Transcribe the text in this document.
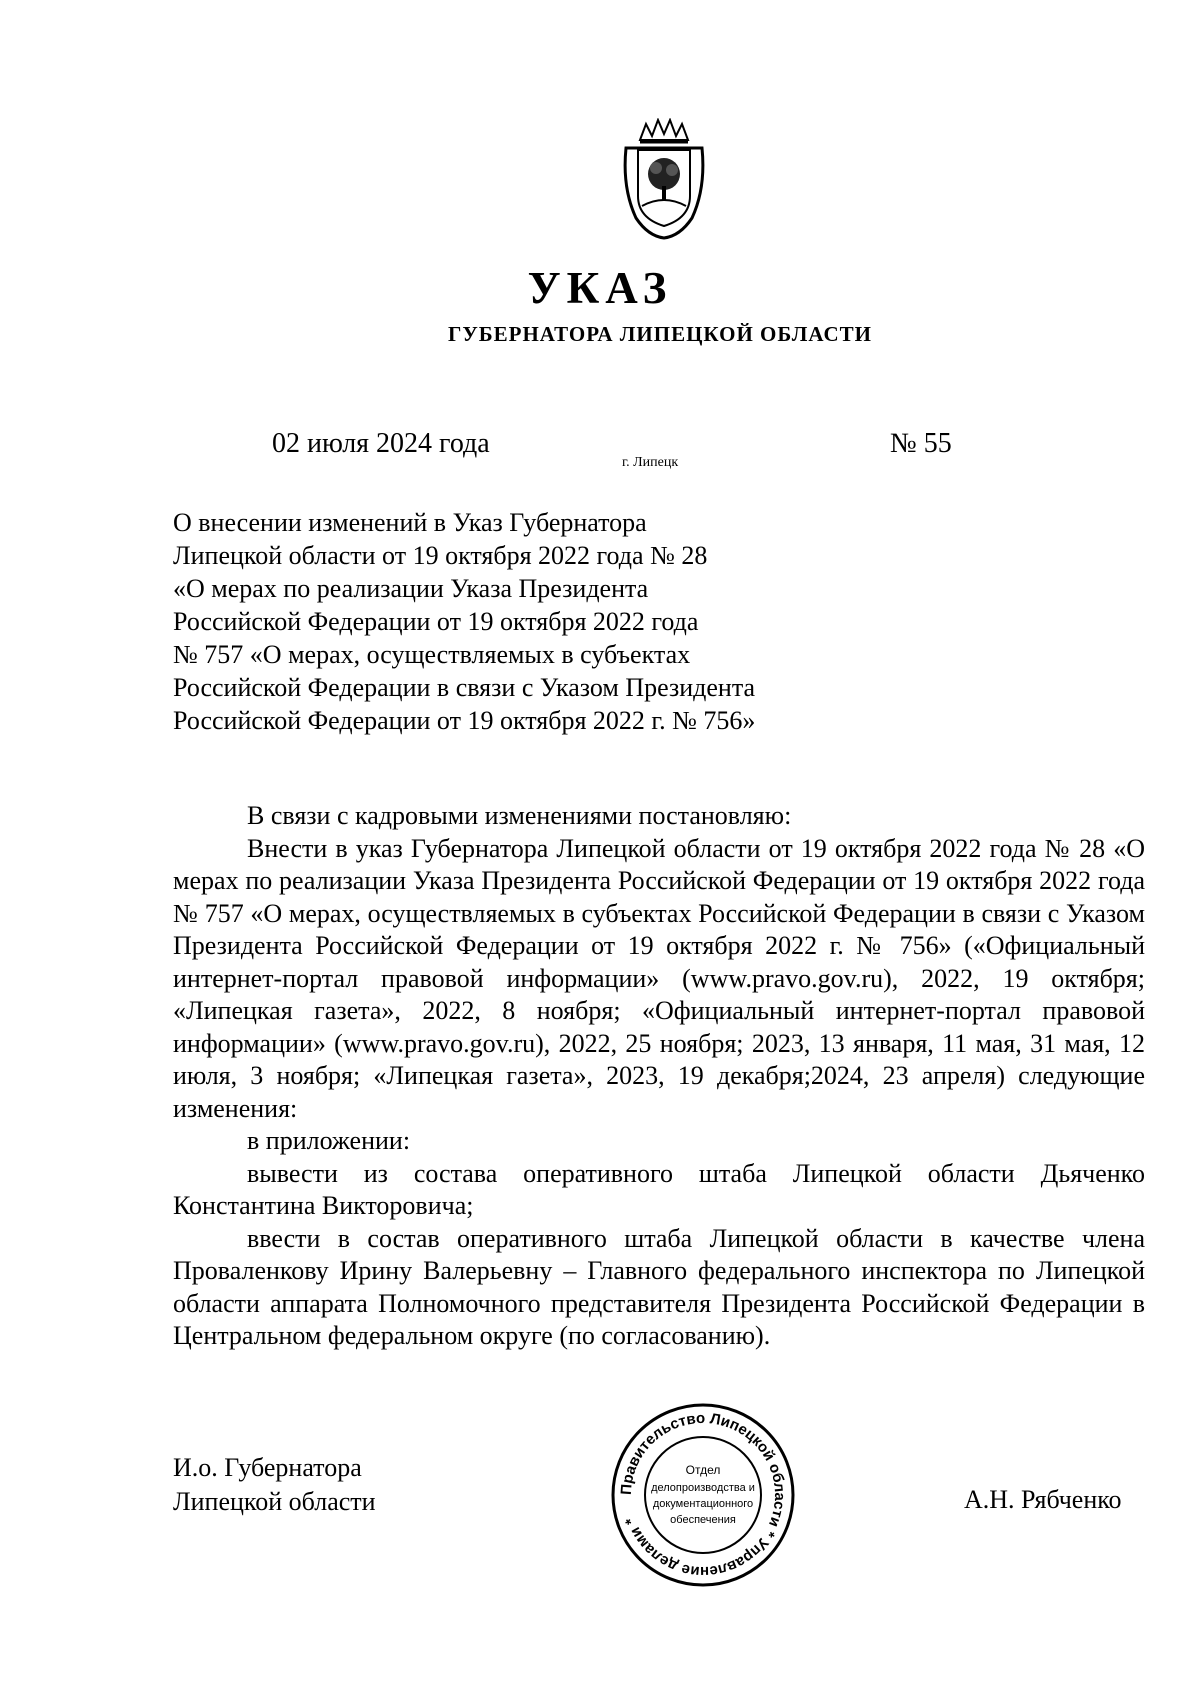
УКАЗ
ГУБЕРНАТОРА ЛИПЕЦКОЙ ОБЛАСТИ
02 июля 2024 года
г. Липецк
№ 55
О внесении изменений в Указ Губернатора
Липецкой области от 19 октября 2022 года № 28
«О мерах по реализации Указа Президента
Российской Федерации от 19 октября 2022 года
№ 757 «О мерах, осуществляемых в субъектах
Российской Федерации в связи с Указом Президента
Российской Федерации от 19 октября 2022 г. № 756»

В связи с кадровыми изменениями постановляю:

Внести в указ Губернатора Липецкой области от 19 октября 2022 года № 28 «О мерах по реализации Указа Президента Российской Федерации от 19 октября 2022 года № 757 «О мерах, осуществляемых в субъектах Российской Федерации в связи с Указом Президента Российской Федерации от 19 октября 2022 г. № 756» («Официальный интернет-портал правовой информации» (www.pravo.gov.ru), 2022, 19 октября; «Липецкая газета», 2022, 8 ноября; «Официальный интернет-портал правовой информации» (www.pravo.gov.ru), 2022, 25 ноября; 2023, 13 января, 11 мая, 31 мая, 12 июля, 3 ноября; «Липецкая газета», 2023, 19 декабря;2024, 23 апреля) следующие изменения:

в приложении:

вывести из состава оперативного штаба Липецкой области Дьяченко Константина Викторовича;

ввести в состав оперативного штаба Липецкой области в качестве члена Проваленкову Ирину Валерьевну – Главного федерального инспектора по Липецкой области аппарата Полномочного представителя Президента Российской Федерации в Центральном федеральном округе (по согласованию).

И.о. Губернатора
Липецкой области	А.Н. Рябченко
Правительство Липецкой области * Управление делами *
Отдел
делопроизводства и
документационного
обеспечения
